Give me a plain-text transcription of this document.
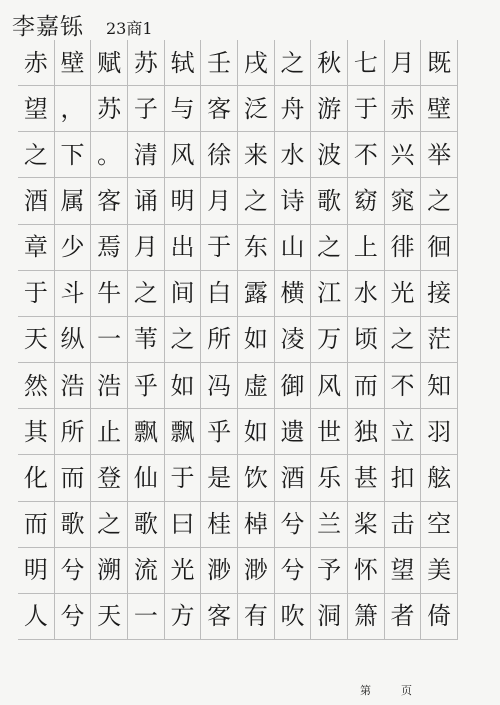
李嘉铄 23商1
赤 壁 赋 苏 轼 壬 戌 之 秋 七 月 既
望 ， 苏 子 与 客 泛 舟 游 于 赤 壁
之 下 。 清 风 徐 来 水 波 不 兴 举
酒 属 客 诵 明 月 之 诗 歌 窈 窕 之
章 少 焉 月 出 于 东 山 之 上 徘 徊
于 斗 牛 之 间 白 露 横 江 水 光 接
天 纵 一 苇 之 所 如 凌 万 顷 之 茫
然 浩 浩 乎 如 冯 虚 御 风 而 不 知
其 所 止 飘 飘 乎 如 遗 世 独 立 羽
化 而 登 仙 于 是 饮 酒 乐 甚 扣 舷
而 歌 之 歌 曰 桂 棹 兮 兰 桨 击 空
明 兮 溯 流 光 渺 渺 兮 予 怀 望 美
人 兮 天 一 方 客 有 吹 洞 箫 者 倚
第	页
